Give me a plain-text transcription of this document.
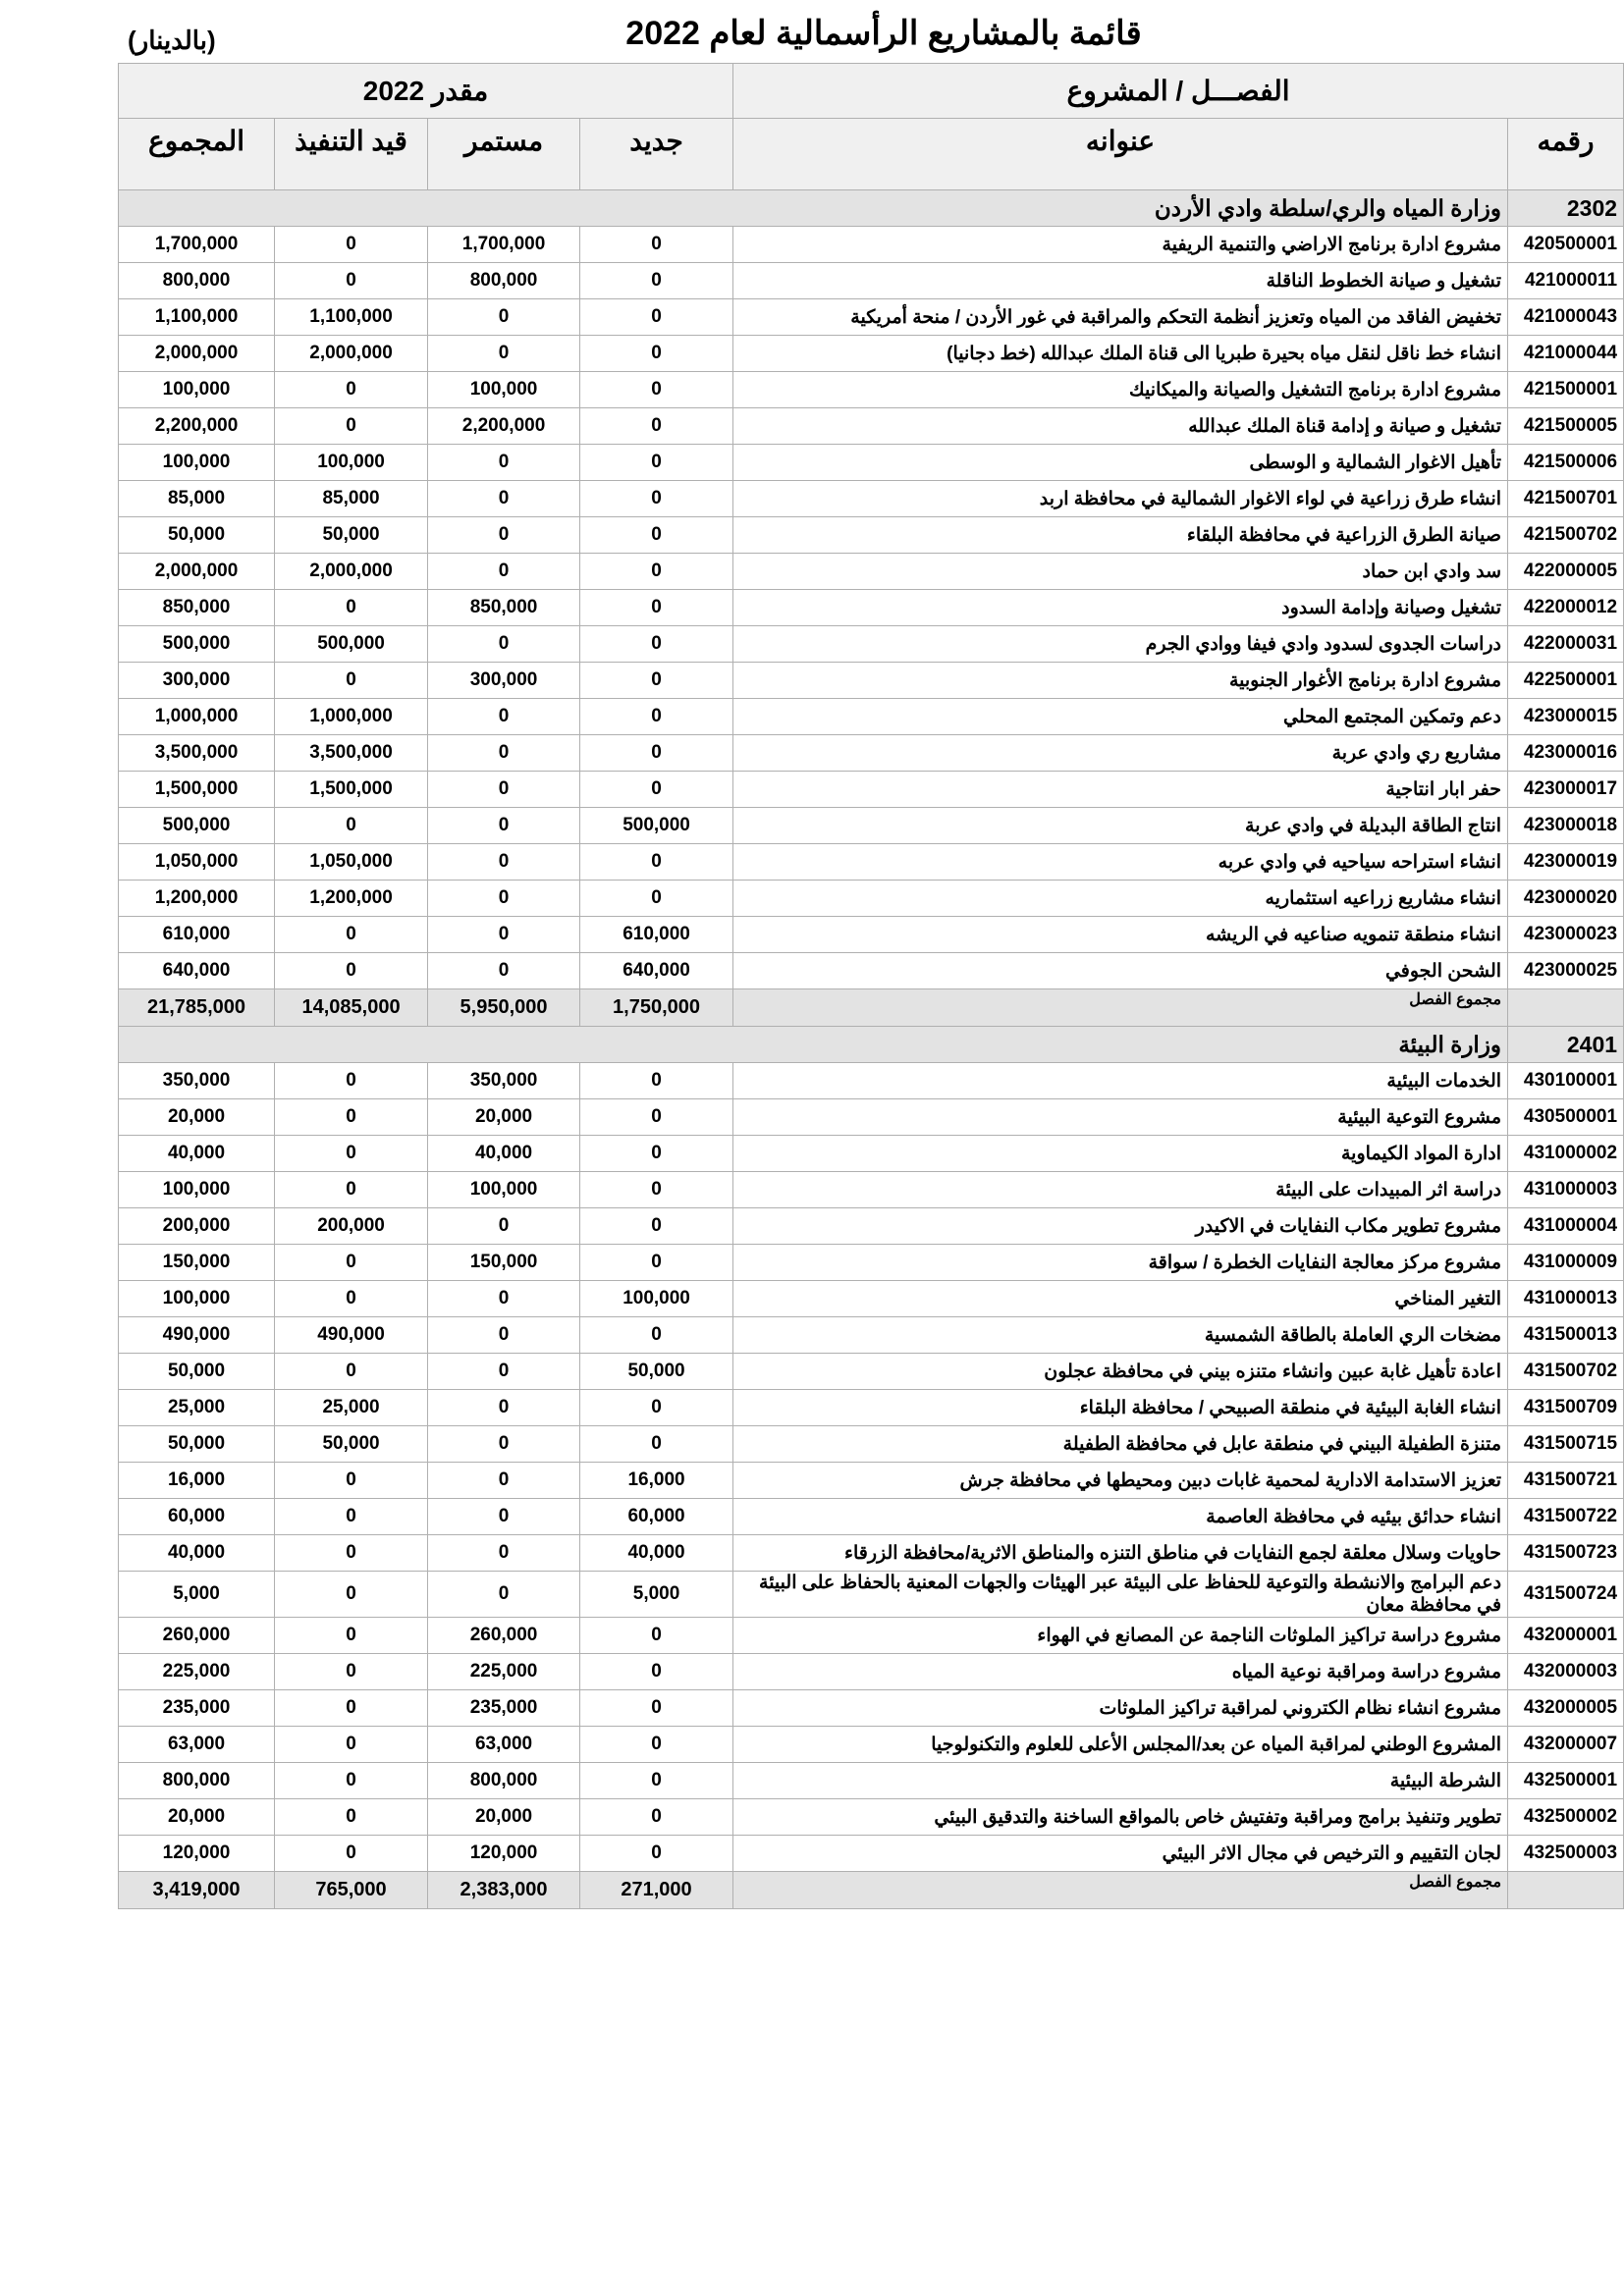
قائمة بالمشاريع الرأسمالية لعام 2022
(بالدينار)
الفصـــل / المشروع		مقدر 2022			
رقمه	عنوانه	جديد	مستمر	قيد التنفيذ	المجموع
2302	وزارة المياه والري/سلطة وادي الأردن				
420500001	مشروع ادارة برنامج الاراضي والتنمية الريفية	0	1,700,000	0	1,700,000
421000011	تشغيل و صيانة الخطوط الناقلة	0	800,000	0	800,000
421000043	تخفيض الفاقد من المياه وتعزيز أنظمة التحكم والمراقبة في غور الأردن / منحة أمريكية	0	0	1,100,000	1,100,000
421000044	انشاء خط ناقل لنقل مياه بحيرة طبريا الى قناة الملك عبدالله (خط دجانيا)	0	0	2,000,000	2,000,000
421500001	مشروع ادارة برنامج التشغيل والصيانة والميكانيك	0	100,000	0	100,000
421500005	تشغيل و صيانة و إدامة قناة الملك عبدالله	0	2,200,000	0	2,200,000
421500006	تأهيل الاغوار الشمالية و الوسطى	0	0	100,000	100,000
421500701	انشاء طرق زراعية في لواء الاغوار الشمالية في محافظة اربد	0	0	85,000	85,000
421500702	صيانة الطرق الزراعية في محافظة البلقاء	0	0	50,000	50,000
422000005	سد وادي ابن حماد	0	0	2,000,000	2,000,000
422000012	تشغيل وصيانة وإدامة السدود	0	850,000	0	850,000
422000031	دراسات الجدوى لسدود وادي فيفا ووادي الجرم	0	0	500,000	500,000
422500001	مشروع ادارة برنامج الأغوار الجنوبية	0	300,000	0	300,000
423000015	دعم وتمكين المجتمع المحلي	0	0	1,000,000	1,000,000
423000016	مشاريع ري وادي عربة	0	0	3,500,000	3,500,000
423000017	حفر ابار انتاجية	0	0	1,500,000	1,500,000
423000018	انتاج الطاقة البديلة في وادي عربة	500,000	0	0	500,000
423000019	انشاء استراحه سياحيه في وادي عربه	0	0	1,050,000	1,050,000
423000020	انشاء مشاريع زراعيه استثماريه	0	0	1,200,000	1,200,000
423000023	انشاء منطقة تنمويه صناعيه في الريشه	610,000	0	0	610,000
423000025	الشحن الجوفي	640,000	0	0	640,000
	مجموع الفصل	1,750,000	5,950,000	14,085,000	21,785,000
2401	وزارة البيئة				
430100001	الخدمات البيئية	0	350,000	0	350,000
430500001	مشروع التوعية البيئية	0	20,000	0	20,000
431000002	ادارة المواد الكيماوية	0	40,000	0	40,000
431000003	دراسة اثر المبيدات على البيئة	0	100,000	0	100,000
431000004	مشروع تطوير مكاب النفايات في الاكيدر	0	0	200,000	200,000
431000009	مشروع مركز معالجة النفايات الخطرة / سواقة	0	150,000	0	150,000
431000013	التغير المناخي	100,000	0	0	100,000
431500013	مضخات الري العاملة بالطاقة الشمسية	0	0	490,000	490,000
431500702	اعادة تأهيل غابة عبين وانشاء متنزه بيني في محافظة عجلون	50,000	0	0	50,000
431500709	انشاء الغابة البيئية في منطقة الصبيحي / محافظة البلقاء	0	0	25,000	25,000
431500715	متنزة الطفيلة البيني في منطقة عابل في محافظة الطفيلة	0	0	50,000	50,000
431500721	تعزيز الاستدامة الادارية لمحمية غابات دبين ومحيطها في محافظة جرش	16,000	0	0	16,000
431500722	انشاء حدائق بيئيه في محافظة العاصمة	60,000	0	0	60,000
431500723	حاويات وسلال معلقة لجمع النفايات في مناطق التنزه والمناطق الاثرية/محافظة الزرقاء	40,000	0	0	40,000
431500724	دعم البرامج والانشطة والتوعية للحفاظ على البيئة عبر الهيئات والجهات المعنية بالحفاظ على البيئة في محافظة معان	5,000	0	0	5,000
432000001	مشروع دراسة تراكيز الملوثات الناجمة عن المصانع في الهواء	0	260,000	0	260,000
432000003	مشروع دراسة ومراقبة نوعية المياه	0	225,000	0	225,000
432000005	مشروع انشاء نظام الكتروني لمراقبة تراكيز الملوثات	0	235,000	0	235,000
432000007	المشروع الوطني لمراقبة المياه عن بعد/المجلس الأعلى للعلوم والتكنولوجيا	0	63,000	0	63,000
432500001	الشرطة البيئية	0	800,000	0	800,000
432500002	تطوير وتنفيذ برامج ومراقبة وتفتيش خاص بالمواقع الساخنة والتدقيق البيئي	0	20,000	0	20,000
432500003	لجان التقييم و الترخيص في مجال الاثر البيئي	0	120,000	0	120,000
	مجموع الفصل	271,000	2,383,000	765,000	3,419,000
